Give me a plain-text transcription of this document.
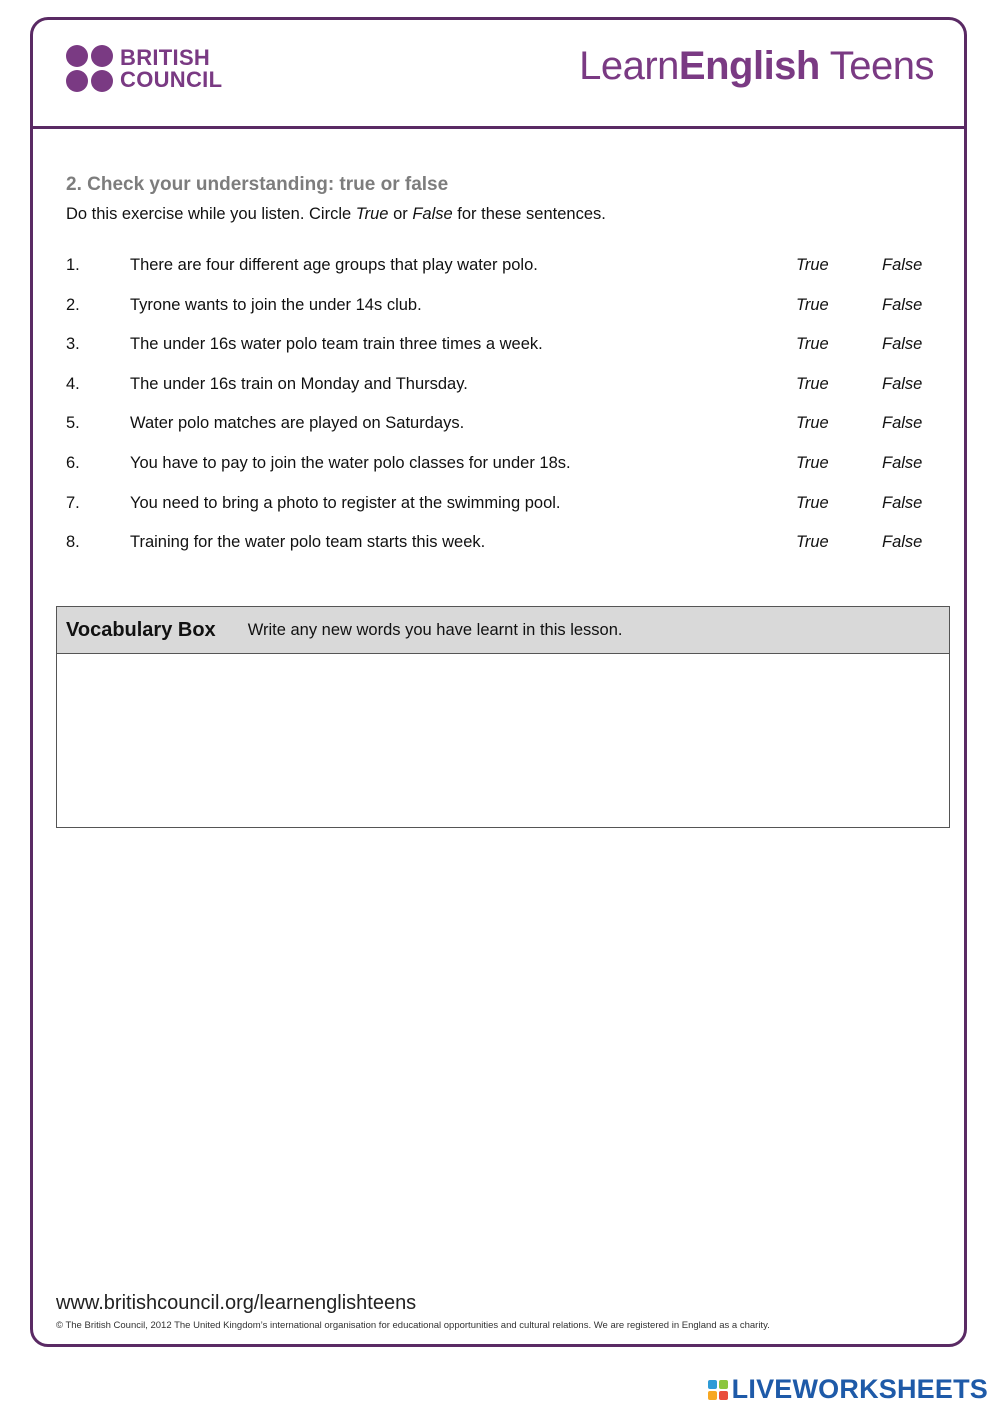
BRITISH
COUNCIL	LearnEnglish Teens
2. Check your understanding: true or false
Do this exercise while you listen. Circle True or False for these sentences.
1.	There are four different age groups that play water polo.	True	False
2.	Tyrone wants to join the under 14s club.	True	False
3.	The under 16s water polo team train three times a week.	True	False
4.	The under 16s train on Monday and Thursday.	True	False
5.	Water polo matches are played on Saturdays.	True	False
6.	You have to pay to join the water polo classes for under 18s.	True	False
7.	You need to bring a photo to register at the swimming pool.	True	False
8.	Training for the water polo team starts this week.	True	False
Vocabulary Box Write any new words you have learnt in this lesson.
www.britishcouncil.org/learnenglishteens
© The British Council, 2012 The United Kingdom’s international organisation for educational opportunities and cultural relations. We are registered in England as a charity.
LIVEWORKSHEETS
